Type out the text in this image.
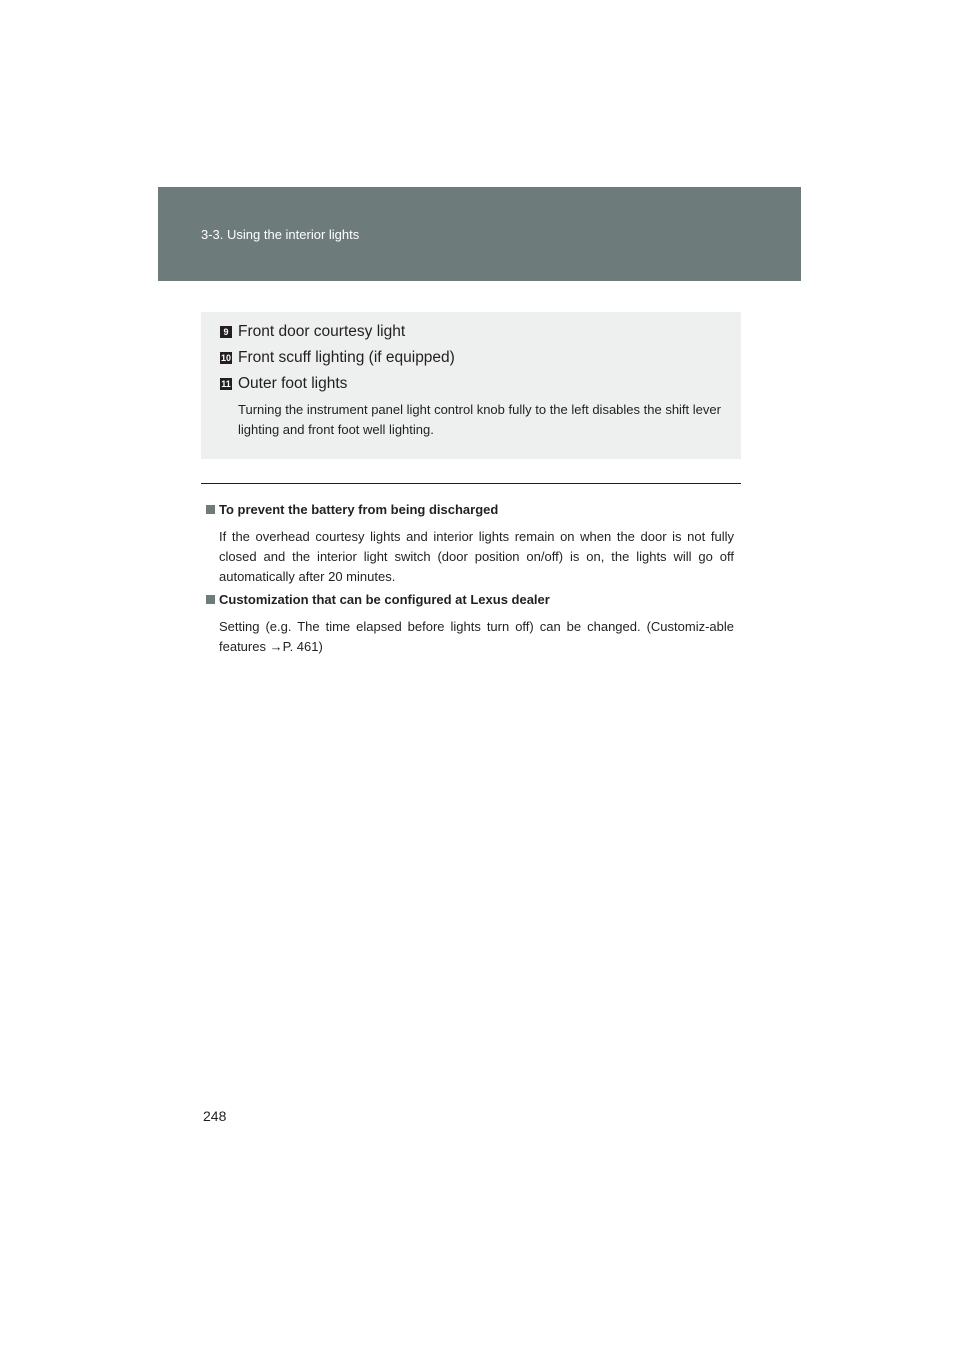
3-3. Using the interior lights
9 Front door courtesy light
10 Front scuff lighting (if equipped)
11 Outer foot lights
Turning the instrument panel light control knob fully to the left disables the shift lever lighting and front foot well lighting.
To prevent the battery from being discharged
If the overhead courtesy lights and interior lights remain on when the door is not fully closed and the interior light switch (door position on/off) is on, the lights will go off automatically after 20 minutes.
Customization that can be configured at Lexus dealer
Setting (e.g. The time elapsed before lights turn off) can be changed. (Customiz-able features →P. 461)
248
